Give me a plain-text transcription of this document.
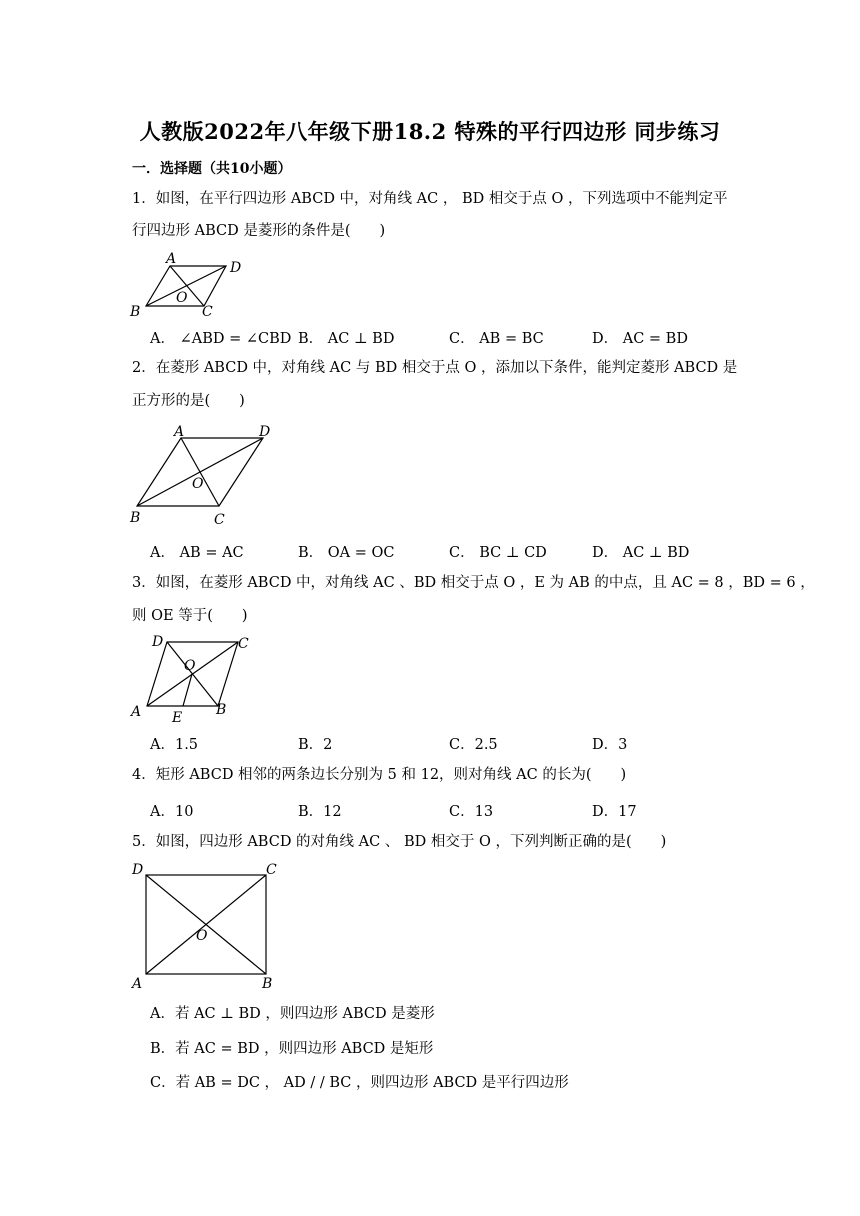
人教版2022年八年级下册18.2 特殊的平行四边形 同步练习
一．选择题（共10小题）
1．如图，在平行四边形 ABCD 中，对角线 AC ， BD 相交于点 O ，下列选项中不能判定平
行四边形 ABCD 是菱形的条件是(　　)
A
D
O
B	C
A． ∠ABD = ∠CBD B． AC ⊥ BD	C． AB = BC	D． AC = BD
2．在菱形 ABCD 中，对角线 AC 与 BD 相交于点 O ，添加以下条件，能判定菱形 ABCD 是
正方形的是(　　)
A	D
O
B	C
A． AB = AC	B． OA = OC	C． BC ⊥ CD	D． AC ⊥ BD
3．如图，在菱形 ABCD 中，对角线 AC 、BD 相交于点 O ，E 为 AB 的中点，且 AC = 8 ，BD = 6 ，
则 OE 等于(　　)
D	C
O
A E B
A．1.5	B．2	C．2.5	D．3
4．矩形 ABCD 相邻的两条边长分别为 5 和 12，则对角线 AC 的长为(　　)
A．10	B．12	C．13	D．17
5．如图，四边形 ABCD 的对角线 AC 、 BD 相交于 O ，下列判断正确的是(　　)
D	C
O
A	B
A．若 AC ⊥ BD ，则四边形 ABCD 是菱形
B．若 AC = BD ，则四边形 ABCD 是矩形
C．若 AB = DC ， AD / / BC ，则四边形 ABCD 是平行四边形
